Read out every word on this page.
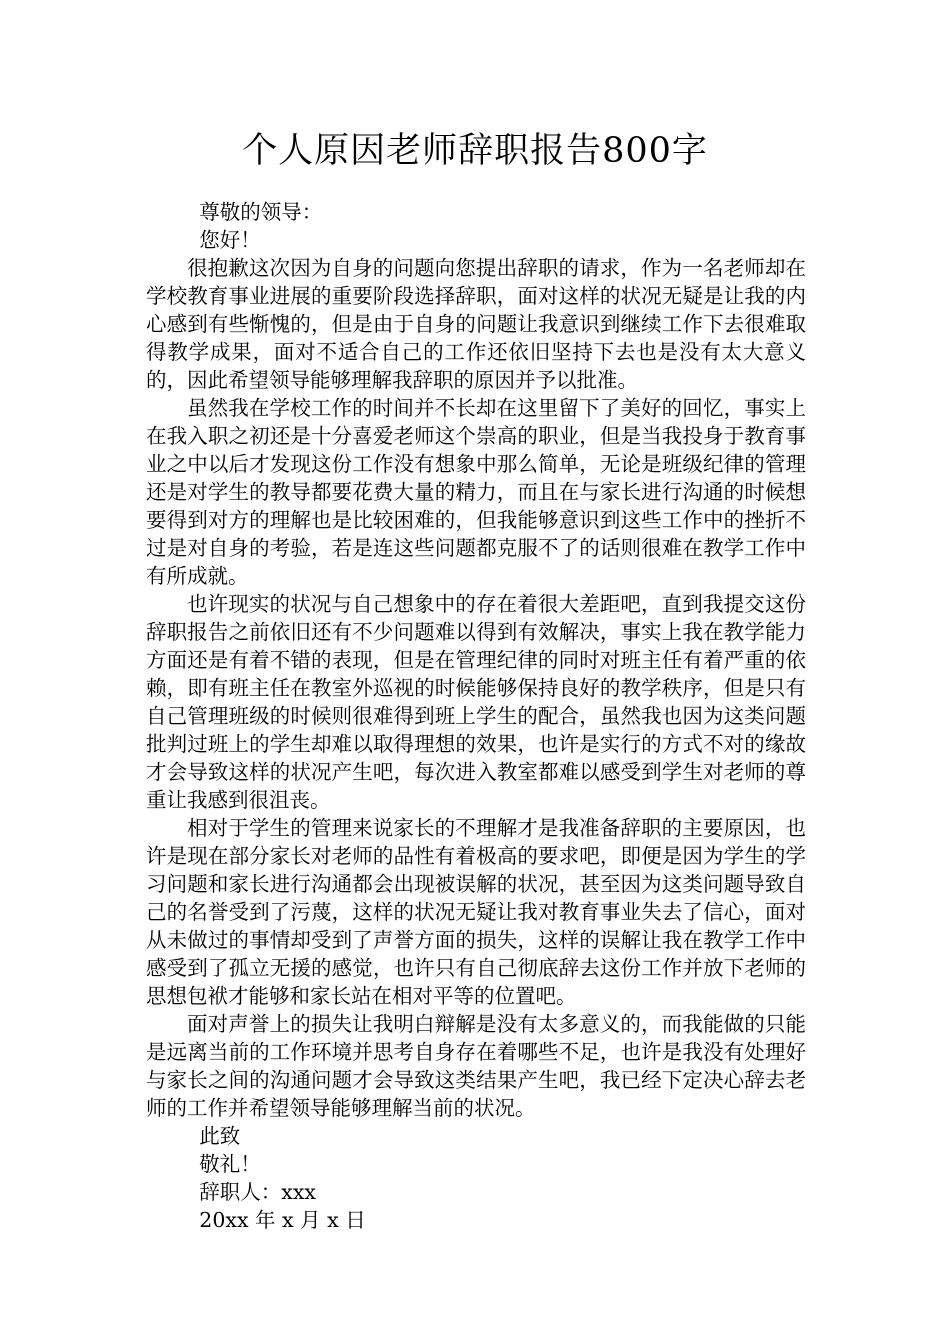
个人原因老师辞职报告800字
尊敬的领导：
您好！

很抱歉这次因为自身的问题向您提出辞职的请求，作为一名老师却在学校教育事业进展的重要阶段选择辞职，面对这样的状况无疑是让我的内心感到有些惭愧的，但是由于自身的问题让我意识到继续工作下去很难取得教学成果，面对不适合自己的工作还依旧坚持下去也是没有太大意义的，因此希望领导能够理解我辞职的原因并予以批准。

虽然我在学校工作的时间并不长却在这里留下了美好的回忆，事实上在我入职之初还是十分喜爱老师这个崇高的职业，但是当我投身于教育事业之中以后才发现这份工作没有想象中那么简单，无论是班级纪律的管理还是对学生的教导都要花费大量的精力，而且在与家长进行沟通的时候想要得到对方的理解也是比较困难的，但我能够意识到这些工作中的挫折不过是对自身的考验，若是连这些问题都克服不了的话则很难在教学工作中有所成就。

也许现实的状况与自己想象中的存在着很大差距吧，直到我提交这份辞职报告之前依旧还有不少问题难以得到有效解决，事实上我在教学能力方面还是有着不错的表现，但是在管理纪律的同时对班主任有着严重的依赖，即有班主任在教室外巡视的时候能够保持良好的教学秩序，但是只有自己管理班级的时候则很难得到班上学生的配合，虽然我也因为这类问题批判过班上的学生却难以取得理想的效果，也许是实行的方式不对的缘故才会导致这样的状况产生吧，每次进入教室都难以感受到学生对老师的尊重让我感到很沮丧。

相对于学生的管理来说家长的不理解才是我准备辞职的主要原因，也许是现在部分家长对老师的品性有着极高的要求吧，即便是因为学生的学习问题和家长进行沟通都会出现被误解的状况，甚至因为这类问题导致自己的名誉受到了污蔑，这样的状况无疑让我对教育事业失去了信心，面对从未做过的事情却受到了声誉方面的损失，这样的误解让我在教学工作中感受到了孤立无援的感觉，也许只有自己彻底辞去这份工作并放下老师的思想包袱才能够和家长站在相对平等的位置吧。

面对声誉上的损失让我明白辩解是没有太多意义的，而我能做的只能是远离当前的工作环境并思考自身存在着哪些不足，也许是我没有处理好与家长之间的沟通问题才会导致这类结果产生吧，我已经下定决心辞去老师的工作并希望领导能够理解当前的状况。

此致
敬礼！
辞职人：xxx
20xx 年 x 月 x 日
